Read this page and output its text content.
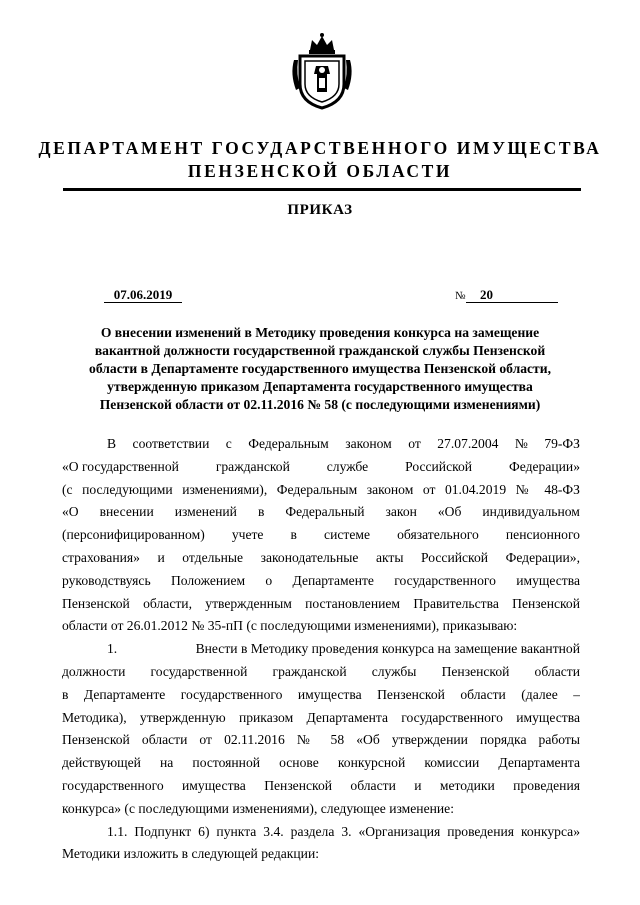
ДЕПАРТАМЕНТ ГОСУДАРСТВЕННОГО ИМУЩЕСТВА
ПЕНЗЕНСКОЙ ОБЛАСТИ
ПРИКАЗ
07.06.2019	№	20
О внесении изменений в Методику проведения конкурса на замещение
вакантной должности государственной гражданской службы Пензенской
области в Департаменте государственного имущества Пензенской области,
утвержденную приказом Департамента государственного имущества
Пензенской области от 02.11.2016 № 58 (с последующими изменениями)
В соответствии с Федеральным законом от 27.07.2004 № 79-ФЗ
«О государственной	гражданской	службе	Российской	Федерации»
(с последующими изменениями), Федеральным законом от 01.04.2019 № 48-ФЗ
«О внесении изменений в Федеральный закон «Об индивидуальном
(персонифицированном) учете в системе обязательного пенсионного
страхования» и отдельные законодательные акты Российской Федерации»,
руководствуясь Положением о Департаменте государственного имущества
Пензенской области, утвержденным постановлением Правительства Пензенской
области от 26.01.2012 № 35-пП (с последующими изменениями), приказываю:
1.	Внести в Методику проведения конкурса на замещение вакантной
должности государственной гражданской службы Пензенской области
в Департаменте государственного имущества Пензенской области (далее –
Методика), утвержденную приказом Департамента государственного имущества
Пензенской области от 02.11.2016 № 58 «Об утверждении порядка работы
действующей на постоянной основе конкурсной комиссии Департамента
государственного имущества Пензенской области и методики проведения
конкурса» (с последующими изменениями), следующее изменение:
1.1. Подпункт 6) пункта 3.4. раздела 3. «Организация проведения конкурса»
Методики изложить в следующей редакции:
